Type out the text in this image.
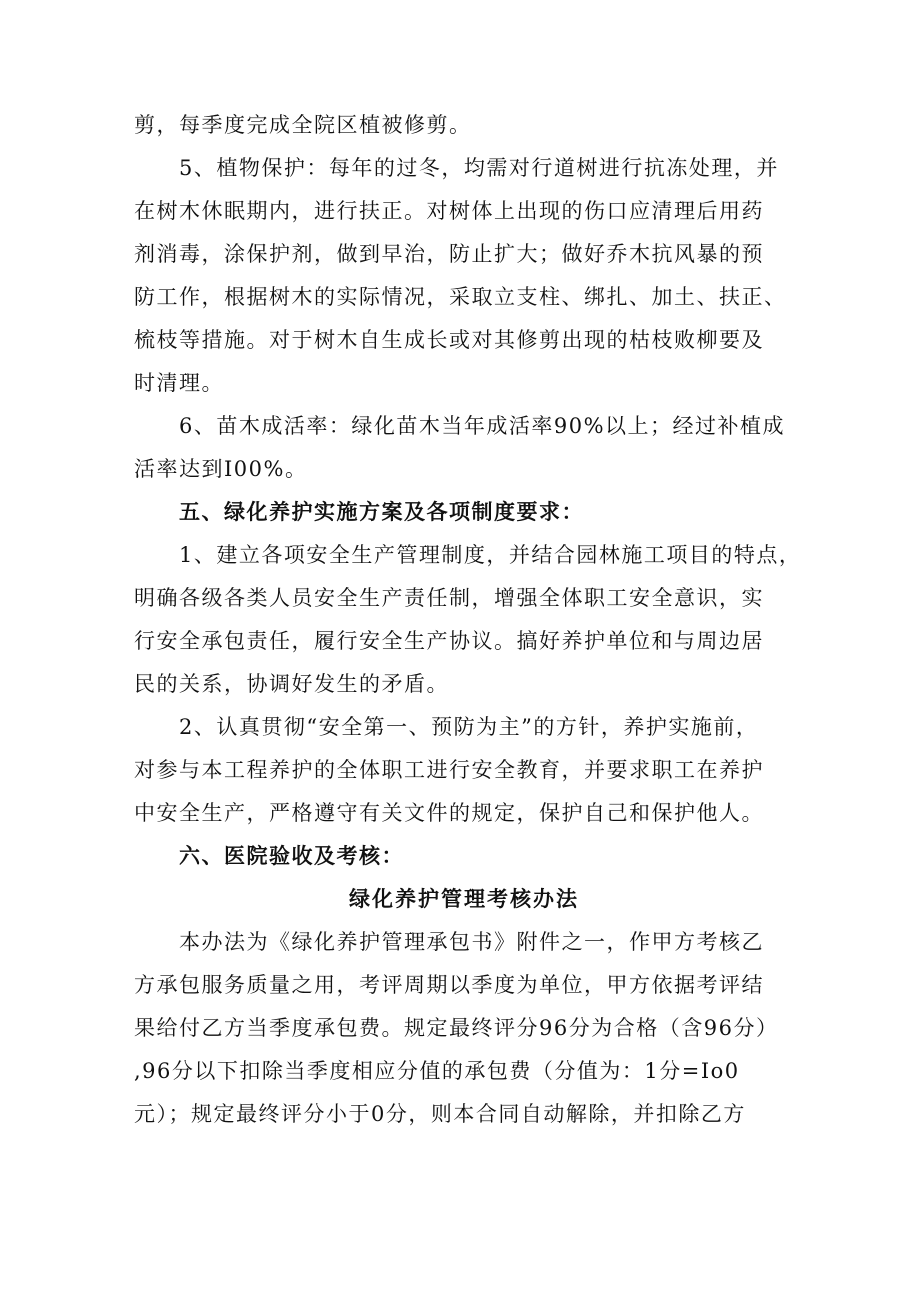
剪，每季度完成全院区植被修剪。
　　5、植物保护：每年的过冬，均需对行道树进行抗冻处理，并
在树木休眠期内，进行扶正。对树体上出现的伤口应清理后用药
剂消毒，涂保护剂，做到早治，防止扩大；做好乔木抗风暴的预
防工作，根据树木的实际情况，采取立支柱、绑扎、加土、扶正、
梳枝等措施。对于树木自生成长或对其修剪出现的枯枝败柳要及
时清理。
　　6、苗木成活率：绿化苗木当年成活率90%以上；经过补植成
活率达到I00%。
　　五、绿化养护实施方案及各项制度要求：
　　1、建立各项安全生产管理制度，并结合园林施工项目的特点，
明确各级各类人员安全生产责任制，增强全体职工安全意识，实
行安全承包责任，履行安全生产协议。搞好养护单位和与周边居
民的关系，协调好发生的矛盾。
　　2、认真贯彻“安全第一、预防为主”的方针，养护实施前，
对参与本工程养护的全体职工进行安全教育，并要求职工在养护
中安全生产，严格遵守有关文件的规定，保护自己和保护他人。
　　六、医院验收及考核：
绿化养护管理考核办法
　　本办法为《绿化养护管理承包书》附件之一，作甲方考核乙
方承包服务质量之用，考评周期以季度为单位，甲方依据考评结
果给付乙方当季度承包费。规定最终评分96分为合格（含96分）
,96分以下扣除当季度相应分值的承包费（分值为：1分=Io0
元）；规定最终评分小于0分，则本合同自动解除，并扣除乙方
